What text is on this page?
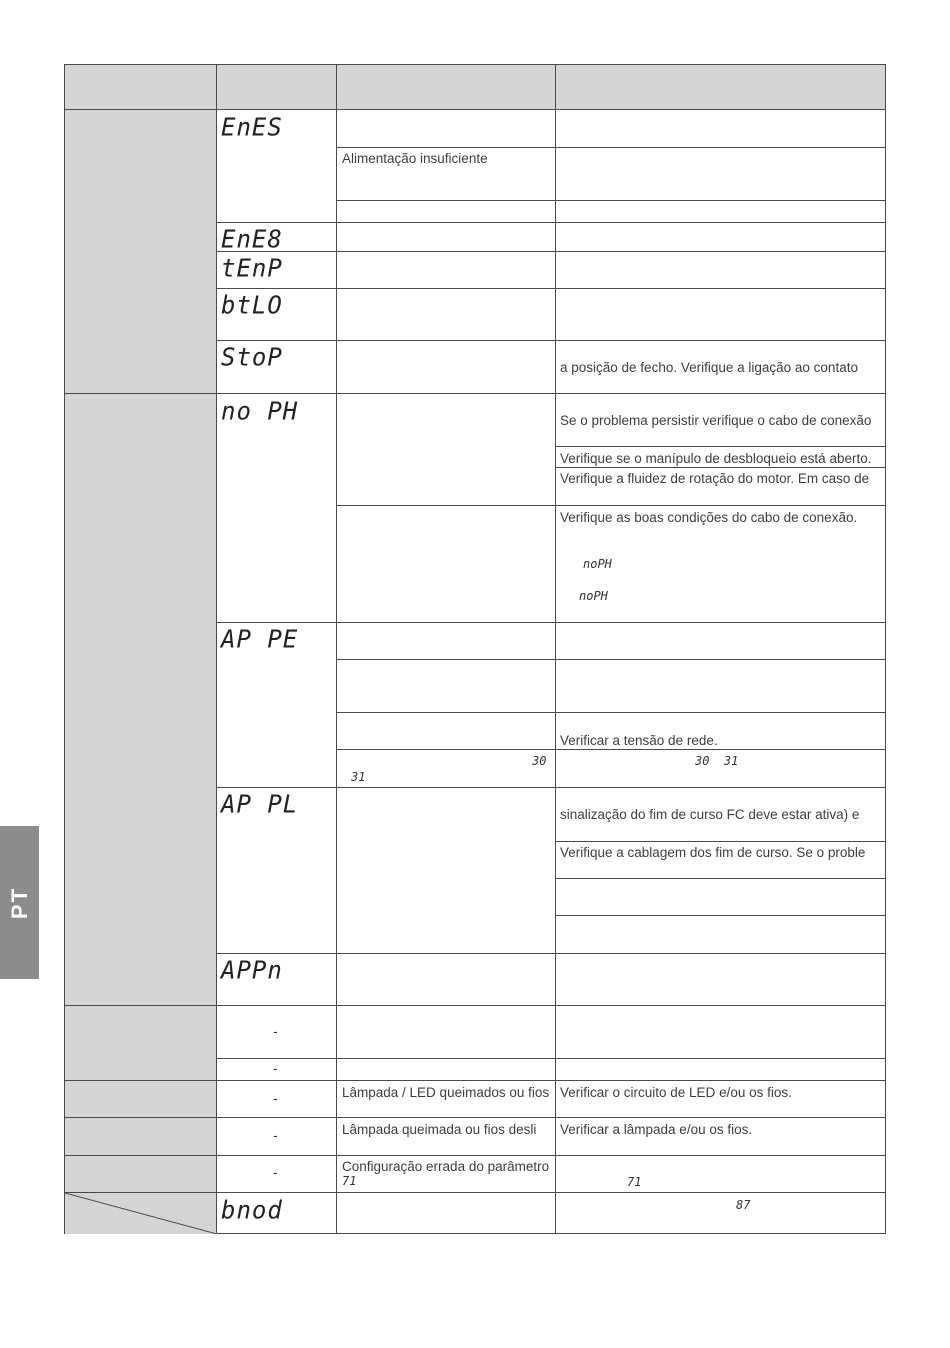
EnES
EnE8
tEnP
btLO
StoP
no PH
AP PE
AP PL
APPn
bnod
-
-
-
-
-
Alimentação insuficiente
30
31
Lâmpada / LED queimados ou fios
Lâmpada queimada ou fios desli
Configuração errada do parâmetro
71
a posição de fecho. Verifique a ligação ao contato
Se o problema persistir verifique o cabo de conexão
Verifique se o manípulo de desbloqueio está aberto.
Verifique a fluidez de rotação do motor. Em caso de
Verifique as boas condições do cabo de conexão.
noPH
noPH
Verificar a tensão de rede.
30  31
sinalização do fim de curso FC deve estar ativa) e
Verifique a cablagem dos fim de curso. Se o proble
Verificar o circuito de LED e/ou os fios.
Verificar a lâmpada e/ou os fios.
71
87
PT
